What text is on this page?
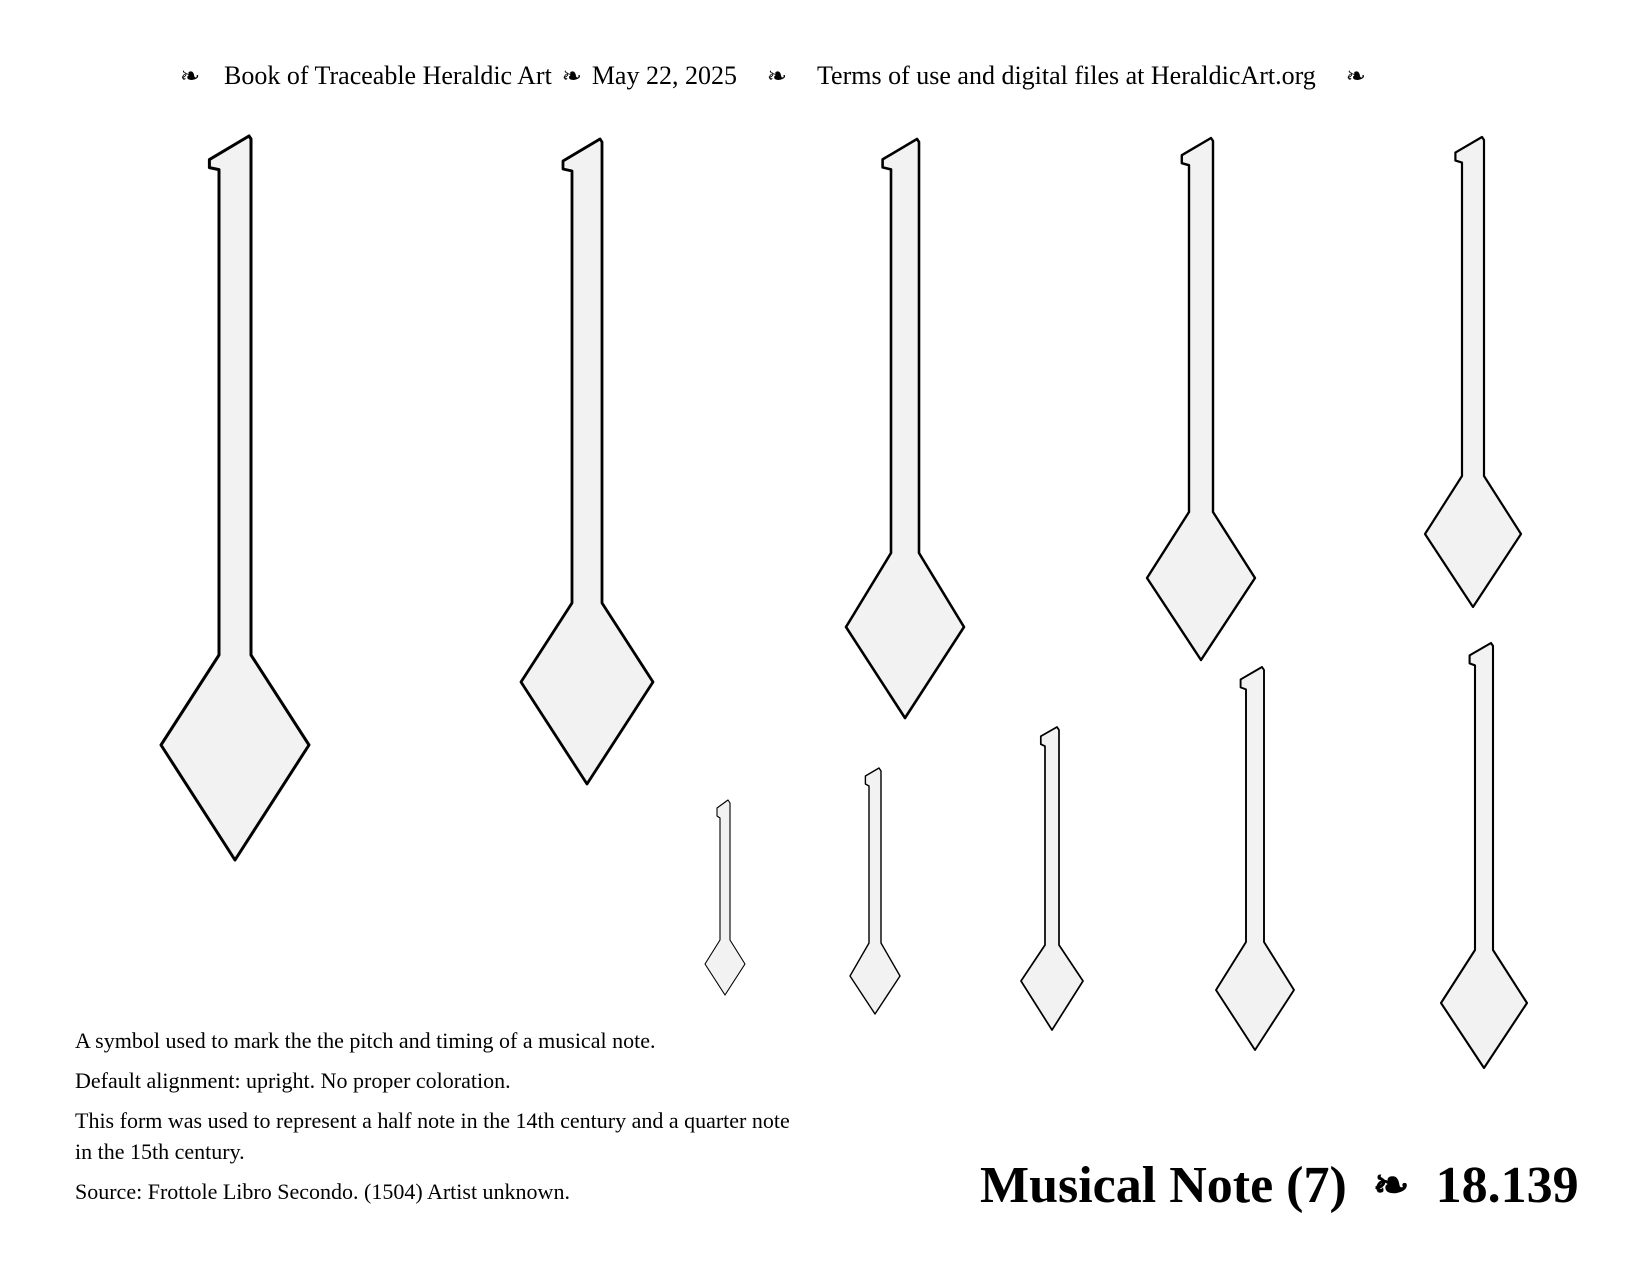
❧ Book of Traceable Heraldic Art ❧ May 22, 2025	❧	Terms of use and digital files at HeraldicArt.org	❧

A symbol used to mark the the pitch and timing of a musical note.

Default alignment: upright. No proper coloration.

This form was used to represent a half note in the 14th century and a quarter note in the 15th century.

Source: Frottole Libro Secondo. (1504) Artist unknown.	Musical Note (7) ❧ 18.139
